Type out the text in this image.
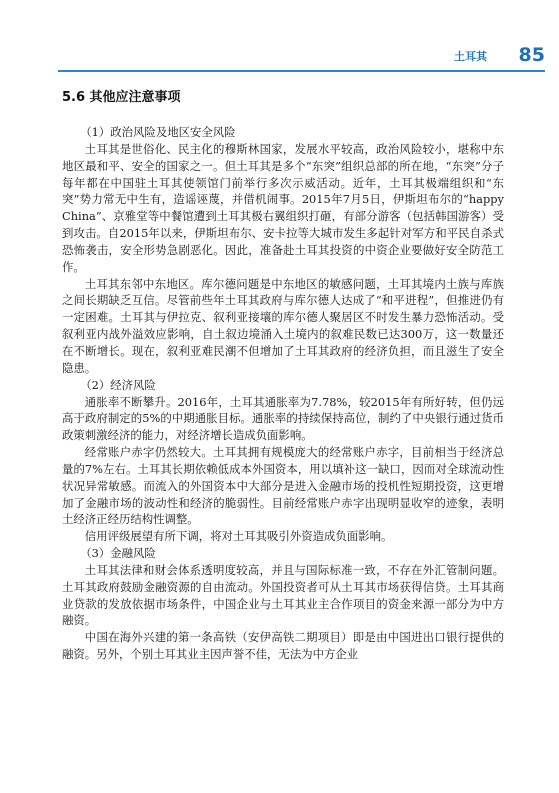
土耳其 85
5.6 其他应注意事项

（1）政治风险及地区安全风险

土耳其是世俗化、民主化的穆斯林国家，发展水平较高，政治风险较小，堪称中东地区最和平、安全的国家之一。但土耳其是多个“东突”组织总部的所在地，“东突”分子每年都在中国驻土耳其使领馆门前举行多次示威活动。近年，土耳其极端组织和“东突”势力常无中生有，造谣诬蔑，并借机闹事。2015年7月5日，伊斯坦布尔的“happy China”、京雅堂等中餐馆遭到土耳其极右翼组织打砸，有部分游客（包括韩国游客）受到攻击。自2015年以来，伊斯坦布尔、安卡拉等大城市发生多起针对军方和平民自杀式恐怖袭击，安全形势急剧恶化。因此，准备赴土耳其投资的中资企业要做好安全防范工作。

土耳其东邻中东地区。库尔德问题是中东地区的敏感问题，土耳其境内土族与库族之间长期缺乏互信。尽管前些年土耳其政府与库尔德人达成了“和平进程”，但推进仍有一定困难。土耳其与伊拉克、叙利亚接壤的库尔德人聚居区不时发生暴力恐怖活动。受叙利亚内战外溢效应影响，自土叙边境涌入土境内的叙难民数已达300万，这一数量还在不断增长。现在，叙利亚难民潮不但增加了土耳其政府的经济负担，而且滋生了安全隐患。

（2）经济风险

通胀率不断攀升。2016年，土耳其通胀率为7.78%，较2015年有所好转，但仍远高于政府制定的5%的中期通胀目标。通胀率的持续保持高位，制约了中央银行通过货币政策刺激经济的能力，对经济增长造成负面影响。

经常账户赤字仍然较大。土耳其拥有规模庞大的经常账户赤字，目前相当于经济总量的7%左右。土耳其长期依赖低成本外国资本，用以填补这一缺口，因而对全球流动性状况异常敏感。而流入的外国资本中大部分是进入金融市场的投机性短期投资，这更增加了金融市场的波动性和经济的脆弱性。目前经常账户赤字出现明显收窄的迹象，表明土经济正经历结构性调整。

信用评级展望有所下调，将对土耳其吸引外资造成负面影响。

（3）金融风险

土耳其法律和财会体系透明度较高，并且与国际标准一致，不存在外汇管制问题。土耳其政府鼓励金融资源的自由流动。外国投资者可从土耳其市场获得信贷。土耳其商业贷款的发放依据市场条件，中国企业与土耳其业主合作项目的资金来源一部分为中方融资。

中国在海外兴建的第一条高铁（安伊高铁二期项目）即是由中国进出口银行提供的融资。另外，个别土耳其业主因声誉不佳，无法为中方企业
